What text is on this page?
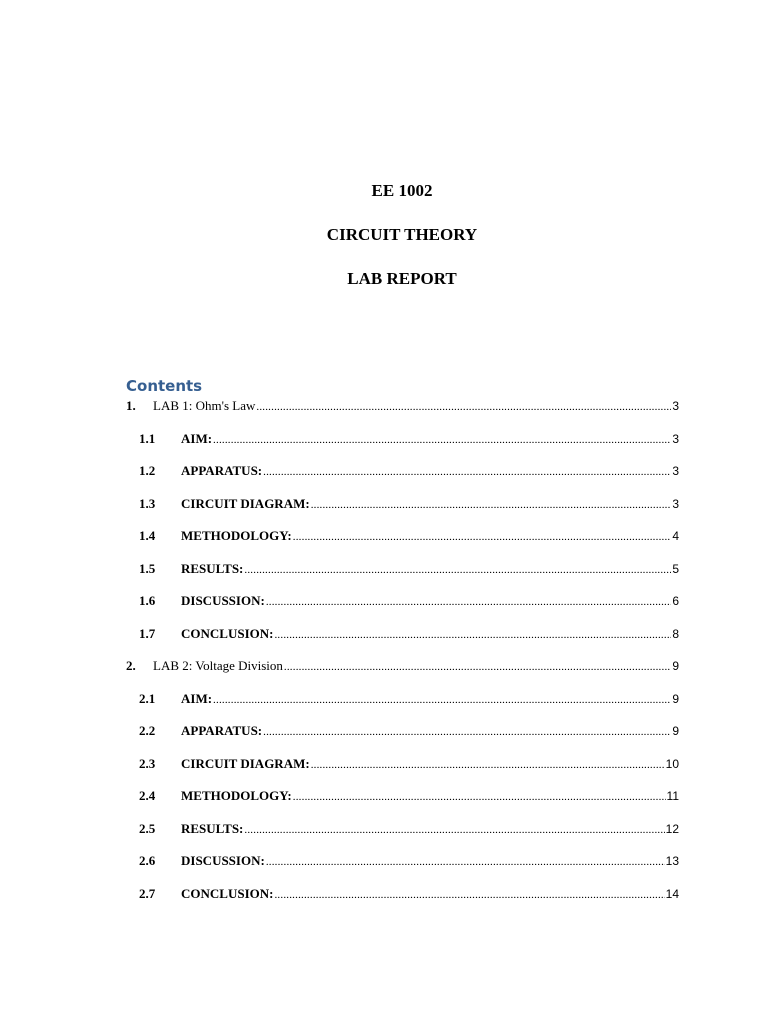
EE 1002

CIRCUIT THEORY

LAB REPORT

Contents
1.	LAB 1: Ohm's Law .....	3
1.1	AIM: .....	3
1.2	APPARATUS: .....	3
1.3	CIRCUIT DIAGRAM: .....	3
1.4	METHODOLOGY: .....	4
1.5	RESULTS: .....	5
1.6	DISCUSSION: .....	6
1.7	CONCLUSION: .....	8
2.	LAB 2: Voltage Division .....	9
2.1	AIM: .....	9
2.2	APPARATUS: .....	9
2.3	CIRCUIT DIAGRAM: .....	10
2.4	METHODOLOGY: .....	11
2.5	RESULTS: .....	12
2.6	DISCUSSION: .....	13
2.7	CONCLUSION: .....	14
